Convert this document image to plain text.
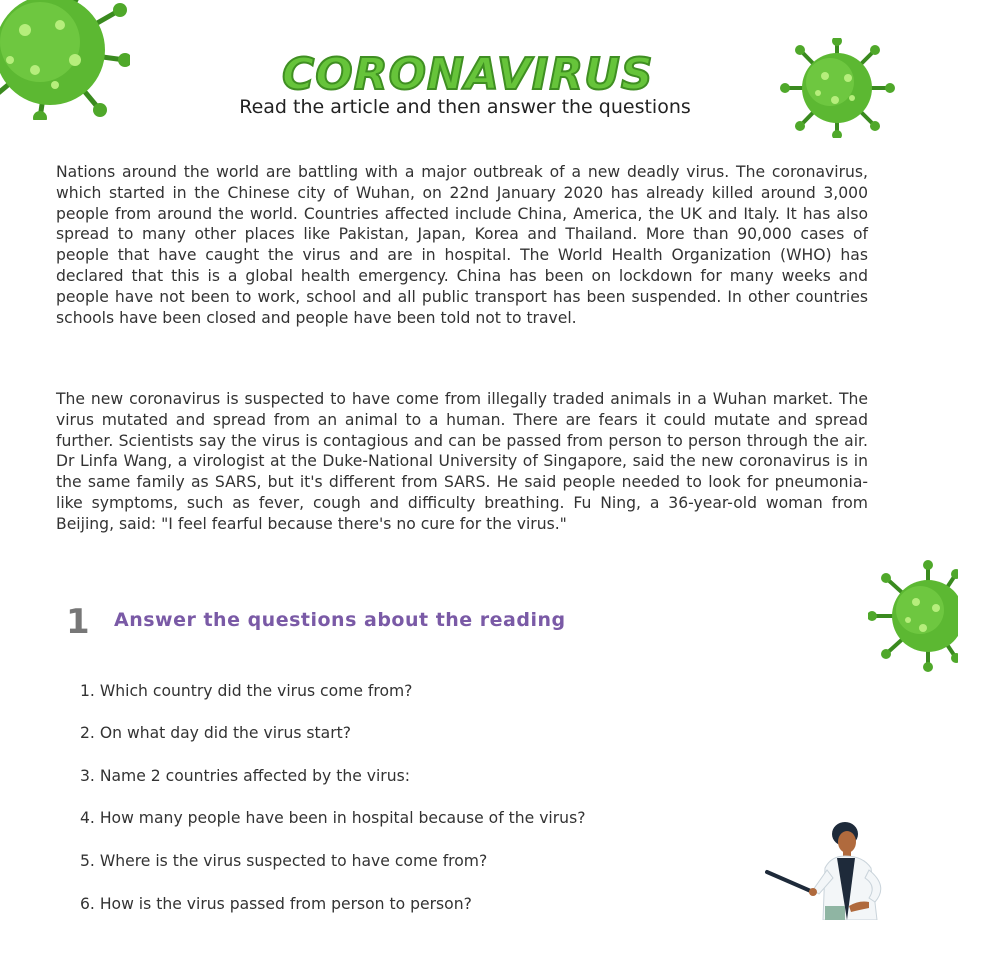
CORONAVIRUS
Read the article and then answer the questions
Nations around the world are battling with a major outbreak of a new deadly virus. The coronavirus, which started in the Chinese city of Wuhan, on 22nd January 2020 has already killed around 3,000 people from around the world. Countries affected include China, America, the UK and Italy. It has also spread to many other places like Pakistan, Japan, Korea and Thailand. More than 90,000 cases of people that have caught the virus and are in hospital. The World Health Organization (WHO) has declared that this is a global health emergency. China has been on lockdown for many weeks and people have not been to work, school and all public transport has been suspended. In other countries schools have been closed and people have been told not to travel.
The new coronavirus is suspected to have come from illegally traded animals in a Wuhan market. The virus mutated and spread from an animal to a human. There are fears it could mutate and spread further. Scientists say the virus is contagious and can be passed from person to person through the air. Dr Linfa Wang, a virologist at the Duke-National University of Singapore, said the new coronavirus is in the same family as SARS, but it's different from SARS. He said people needed to look for pneumonia-like symptoms, such as fever, cough and difficulty breathing. Fu Ning, a 36-year-old woman from Beijing, said: "I feel fearful because there's no cure for the virus."
1 Answer the questions about the reading
1. Which country did the virus come from?
2. On what day did the virus start?
3. Name 2 countries affected by the virus:
4. How many people have been in hospital because of the virus?
5. Where is the virus suspected to have come from?
6. How is the virus passed from person to person?
